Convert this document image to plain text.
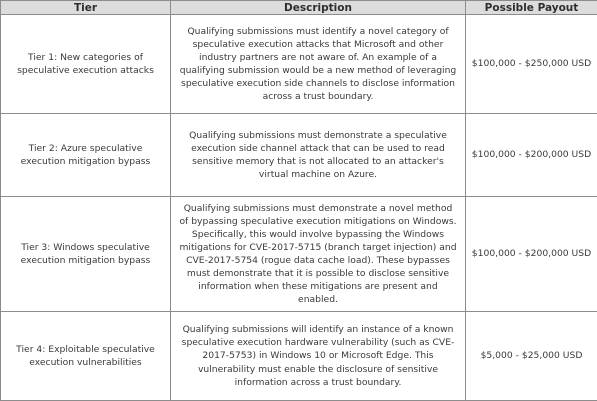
Tier	Description	Possible Payout
Tier 1: New categories of speculative execution attacks	Qualifying submissions must identify a novel category of speculative execution attacks that Microsoft and other industry partners are not aware of. An example of a qualifying submission would be a new method of leveraging speculative execution side channels to disclose information across a trust boundary.	$100,000 - $250,000 USD
Tier 2: Azure speculative execution mitigation bypass	Qualifying submissions must demonstrate a speculative execution side channel attack that can be used to read sensitive memory that is not allocated to an attacker's virtual machine on Azure.	$100,000 - $200,000 USD
Tier 3: Windows speculative execution mitigation bypass	Qualifying submissions must demonstrate a novel method of bypassing speculative execution mitigations on Windows. Specifically, this would involve bypassing the Windows mitigations for CVE-2017-5715 (branch target injection) and CVE-2017-5754 (rogue data cache load). These bypasses must demonstrate that it is possible to disclose sensitive information when these mitigations are present and enabled.	$100,000 - $200,000 USD
Tier 4: Exploitable speculative execution vulnerabilities	Qualifying submissions will identify an instance of a known speculative execution hardware vulnerability (such as CVE-2017-5753) in Windows 10 or Microsoft Edge. This vulnerability must enable the disclosure of sensitive information across a trust boundary.	$5,000 - $25,000 USD
